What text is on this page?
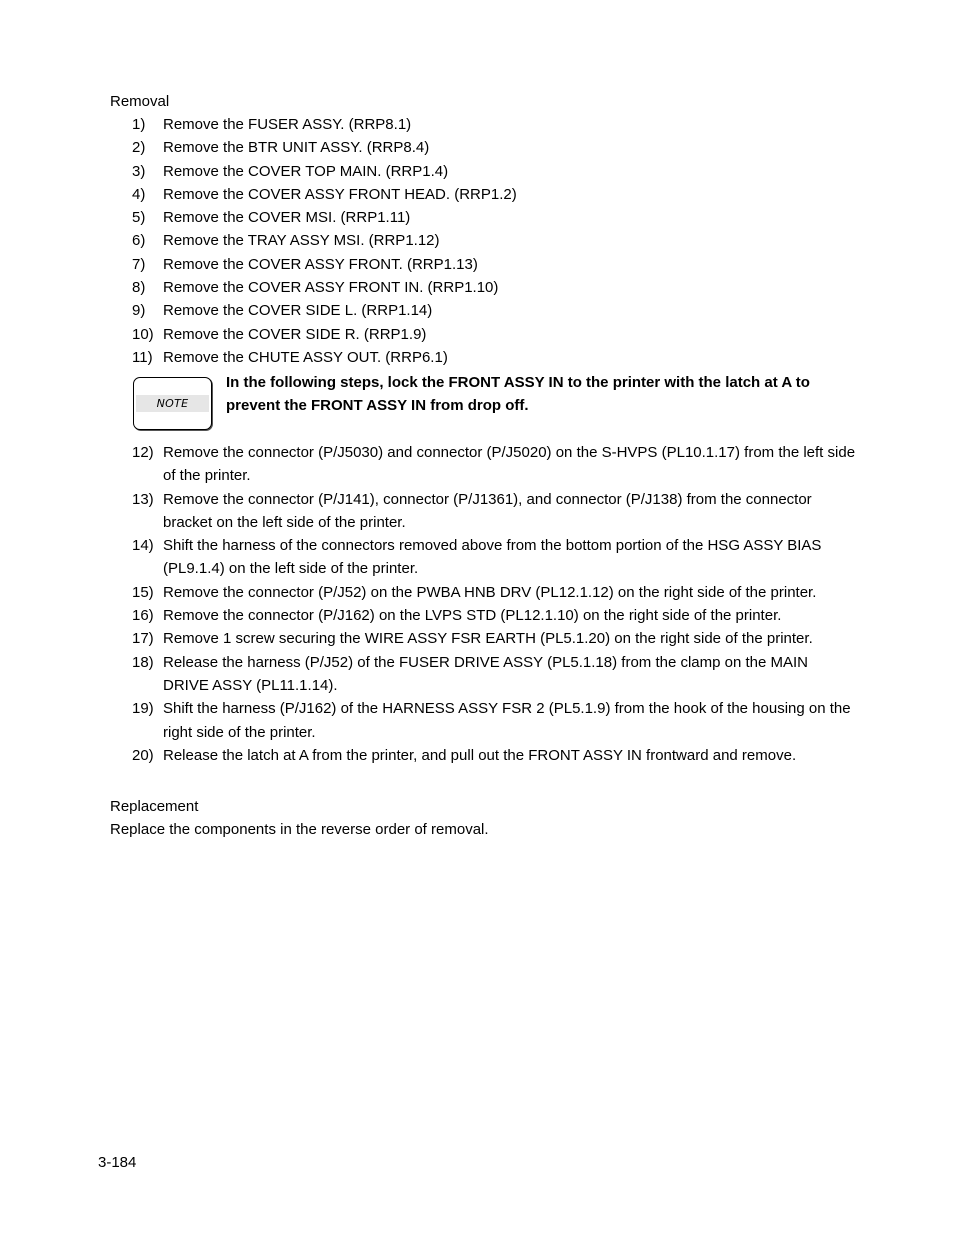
Removal
1)	Remove the FUSER ASSY. (RRP8.1)
2)	Remove the BTR UNIT ASSY. (RRP8.4)
3)	Remove the COVER TOP MAIN. (RRP1.4)
4)	Remove the COVER ASSY FRONT HEAD. (RRP1.2)
5)	Remove the COVER MSI. (RRP1.11)
6)	Remove the TRAY ASSY MSI. (RRP1.12)
7)	Remove the COVER ASSY FRONT. (RRP1.13)
8)	Remove the COVER ASSY FRONT IN. (RRP1.10)
9)	Remove the COVER SIDE L. (RRP1.14)
10) Remove the COVER SIDE R. (RRP1.9)
11) Remove the CHUTE ASSY OUT. (RRP6.1)
NOTE

In the following steps, lock the FRONT ASSY IN to the printer with the latch at A to prevent the FRONT ASSY IN from drop off.

12) Remove the connector (P/J5030) and connector (P/J5020) on the S-HVPS (PL10.1.17) from the left side of the printer.
13) Remove the connector (P/J141), connector (P/J1361), and connector (P/J138) from the connector bracket on the left side of the printer.
14) Shift the harness of the connectors removed above from the bottom portion of the HSG ASSY BIAS (PL9.1.4) on the left side of the printer.
15) Remove the connector (P/J52) on the PWBA HNB DRV (PL12.1.12) on the right side of the printer.
16) Remove the connector (P/J162) on the LVPS STD (PL12.1.10) on the right side of the printer.
17) Remove 1 screw securing the WIRE ASSY FSR EARTH (PL5.1.20) on the right side of the printer.
18) Release the harness (P/J52) of the FUSER DRIVE ASSY (PL5.1.18) from the clamp on the MAIN DRIVE ASSY (PL11.1.14).
19) Shift the harness (P/J162) of the HARNESS ASSY FSR 2 (PL5.1.9) from the hook of the housing on the right side of the printer.
20) Release the latch at A from the printer, and pull out the FRONT ASSY IN frontward and remove.
Replacement

Replace the components in the reverse order of removal.

3-184
